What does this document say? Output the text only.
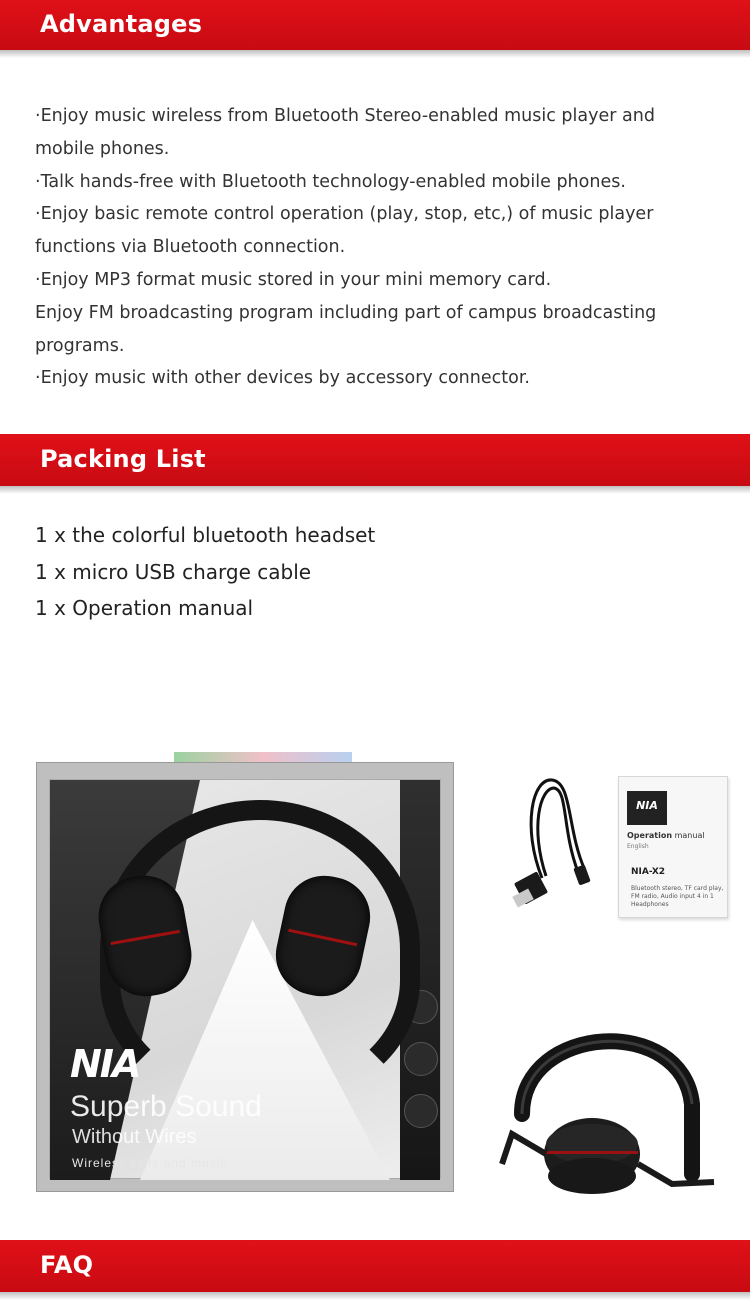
Advantages
·Enjoy music wireless from Bluetooth Stereo-enabled music player and mobile phones.
·Talk hands-free with Bluetooth technology-enabled mobile phones.
·Enjoy basic remote control operation (play, stop, etc,) of music player functions via Bluetooth connection.
·Enjoy MP3 format music stored in your mini memory card.
Enjoy FM broadcasting program including part of campus broadcasting programs.
·Enjoy music with other devices by accessory connector.
Packing List
1 x the colorful bluetooth headset
1 x micro USB charge cable
1 x Operation manual
NIA
Superb Sound
Without Wires
Wireless calls and music
NIA
Operation manual
English
NIA-X2
Bluetooth stereo, TF card play, FM radio, Audio input 4 in 1 Headphones
FAQ
